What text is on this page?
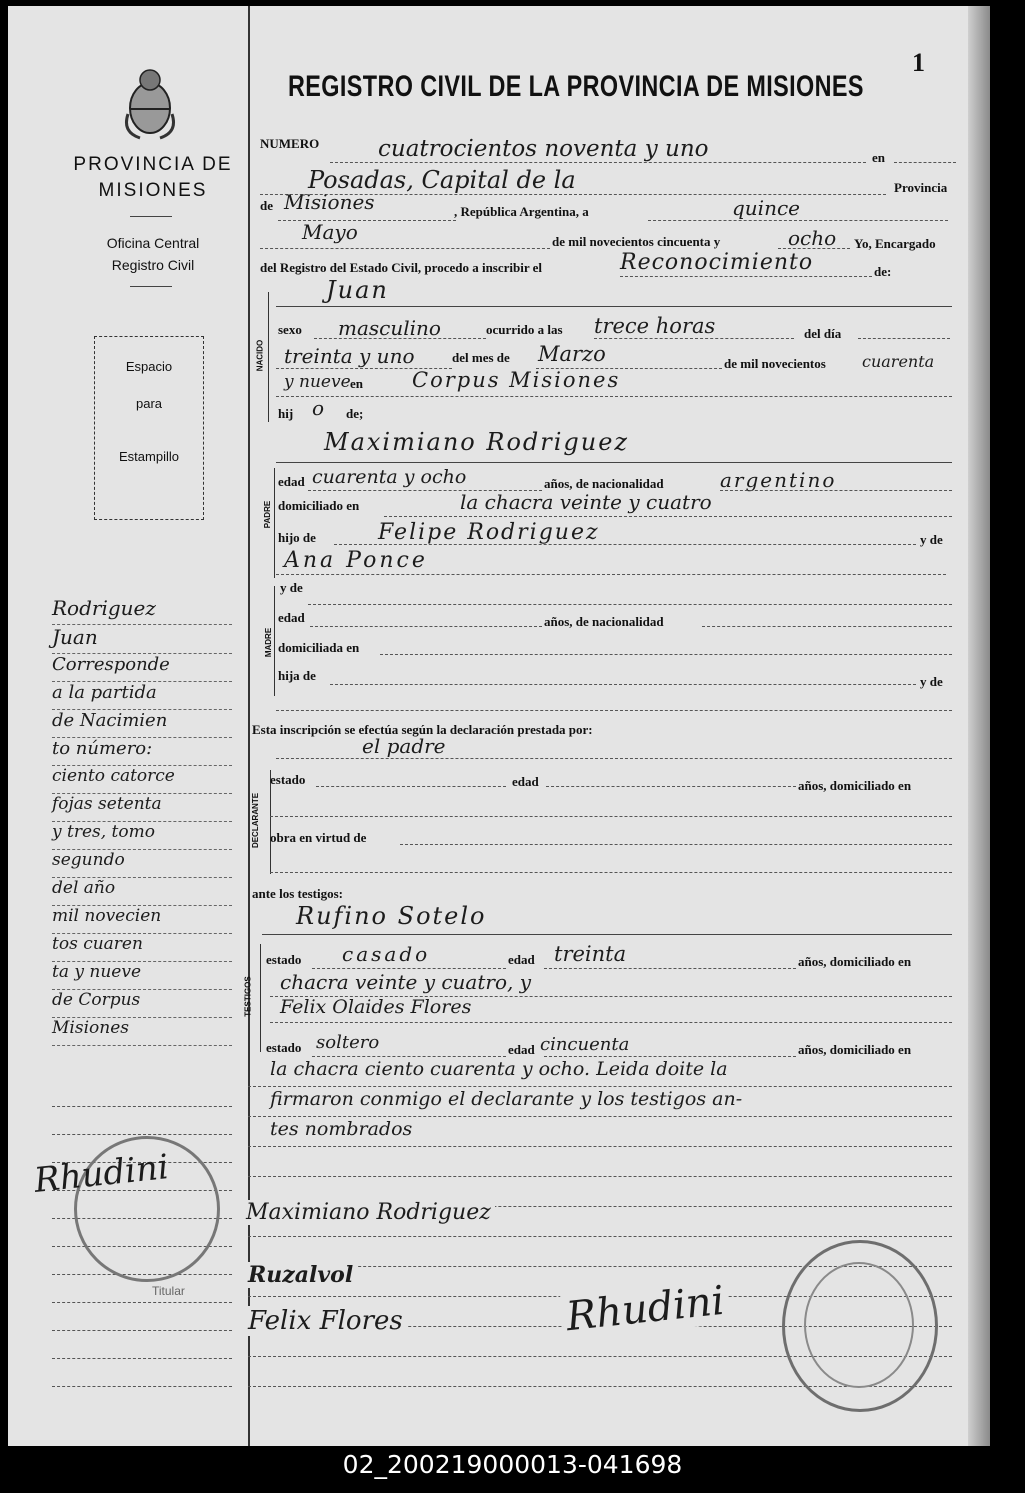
PROVINCIA DE
MISIONES
Oficina Central
Registro Civil
Espacio
para
Estampillo
Rodriguez
Juan
Corresponde
a la partida
de Nacimien
to número:
ciento catorce
fojas setenta
y tres, tomo
segundo
del año
mil novecien
tos cuaren
ta y nueve
de Corpus
Misiones
Rhudini
Titular
1
REGISTRO CIVIL DE LA PROVINCIA DE MISIONES
NUMERO	cuatrocientos noventa y uno	en
Posadas, Capital de la	Provincia
de Misiones	, República Argentina, a	quince
Mayo	de mil novecientos cincuenta y	ocho Yo, Encargado
del Registro del Estado Civil, procedo a inscribir el	Reconocimiento	de:
NACIDO
Juan
sexo masculino	ocurrido a las trece horas	del día
treinta y uno	del mes de Marzo	de mil novecientos cuarenta
y nueve en Corpus Misiones
hij o de;
PADRE
Maximiano Rodriguez
edad cuarenta y ocho	años, de nacionalidad	argentino
domiciliado en	la chacra veinte y cuatro
hijo de	Felipe Rodriguez	y de
Ana Ponce
MADRE
y de
edad	años, de nacionalidad
domiciliada en
hija de	y de
Esta inscripción se efectúa según la declaración prestada por:
el padre
DECLARANTE
estado	edad	años, domiciliado en
obra en virtud de
ante los testigos:
Rufino Sotelo
TESTIGOS
estado casado	edad treinta	años, domiciliado en
chacra veinte y cuatro, y
Felix Olaides Flores
estado soltero	edad cincuenta	años, domiciliado en
la chacra ciento cuarenta y ocho. Leida doite la
firmaron conmigo el declarante y los testigos an-
tes nombrados
Maximiano Rodriguez
Ruzalvol
Felix Flores	Rhudini
02_200219000013-041698
